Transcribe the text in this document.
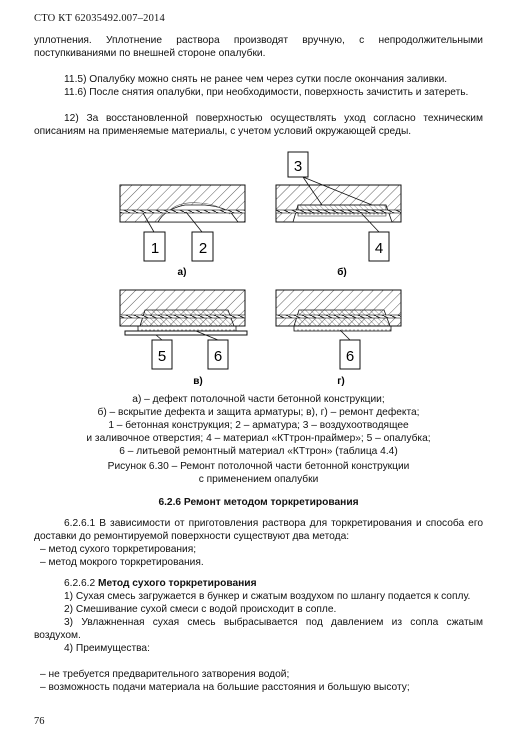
СТО КТ 62035492.007–2014
уплотнения. Уплотнение раствора производят вручную, с непродолжительными поступкиваниями по внешней стороне опалубки.
11.5) Опалубку можно снять не ранее чем через сутки после окончания заливки.
11.6) После снятия опалубки, при необходимости, поверхность зачистить и затереть.
12) За восстановленной поверхностью осуществлять уход согласно техническим описаниям на применяемые материалы, с учетом условий окружающей среды.
1	2
а)
3
4
б)
5	6
в)
6
г)
а) – дефект потолочной части бетонной конструкции;
б) – вскрытие дефекта и защита арматуры; в), г) – ремонт дефекта;
1 – бетонная конструкция; 2 – арматура; 3 – воздухоотводящее
и заливочное отверстия; 4 – материал «КТтрон-праймер»; 5 – опалубка;
6 – литьевой ремонтный материал «КТтрон» (таблица 4.4)
Рисунок 6.30 – Ремонт потолочной части бетонной конструкции
с применением опалубки
6.2.6 Ремонт методом торкретирования
6.2.6.1 В зависимости от приготовления раствора для торкретирования и способа его доставки до ремонтируемой поверхности существуют два метода:
– метод сухого торкретирования;
– метод мокрого торкретирования.
6.2.6.2 Метод сухого торкретирования
1) Сухая смесь загружается в бункер и сжатым воздухом по шлангу подается к соплу.
2) Смешивание сухой смеси с водой происходит в сопле.
3) Увлажненная сухая смесь выбрасывается под давлением из сопла сжатым воздухом.
4) Преимущества:
– не требуется предварительного затворения водой;
– возможность подачи материала на большие расстояния и большую высоту;
76
